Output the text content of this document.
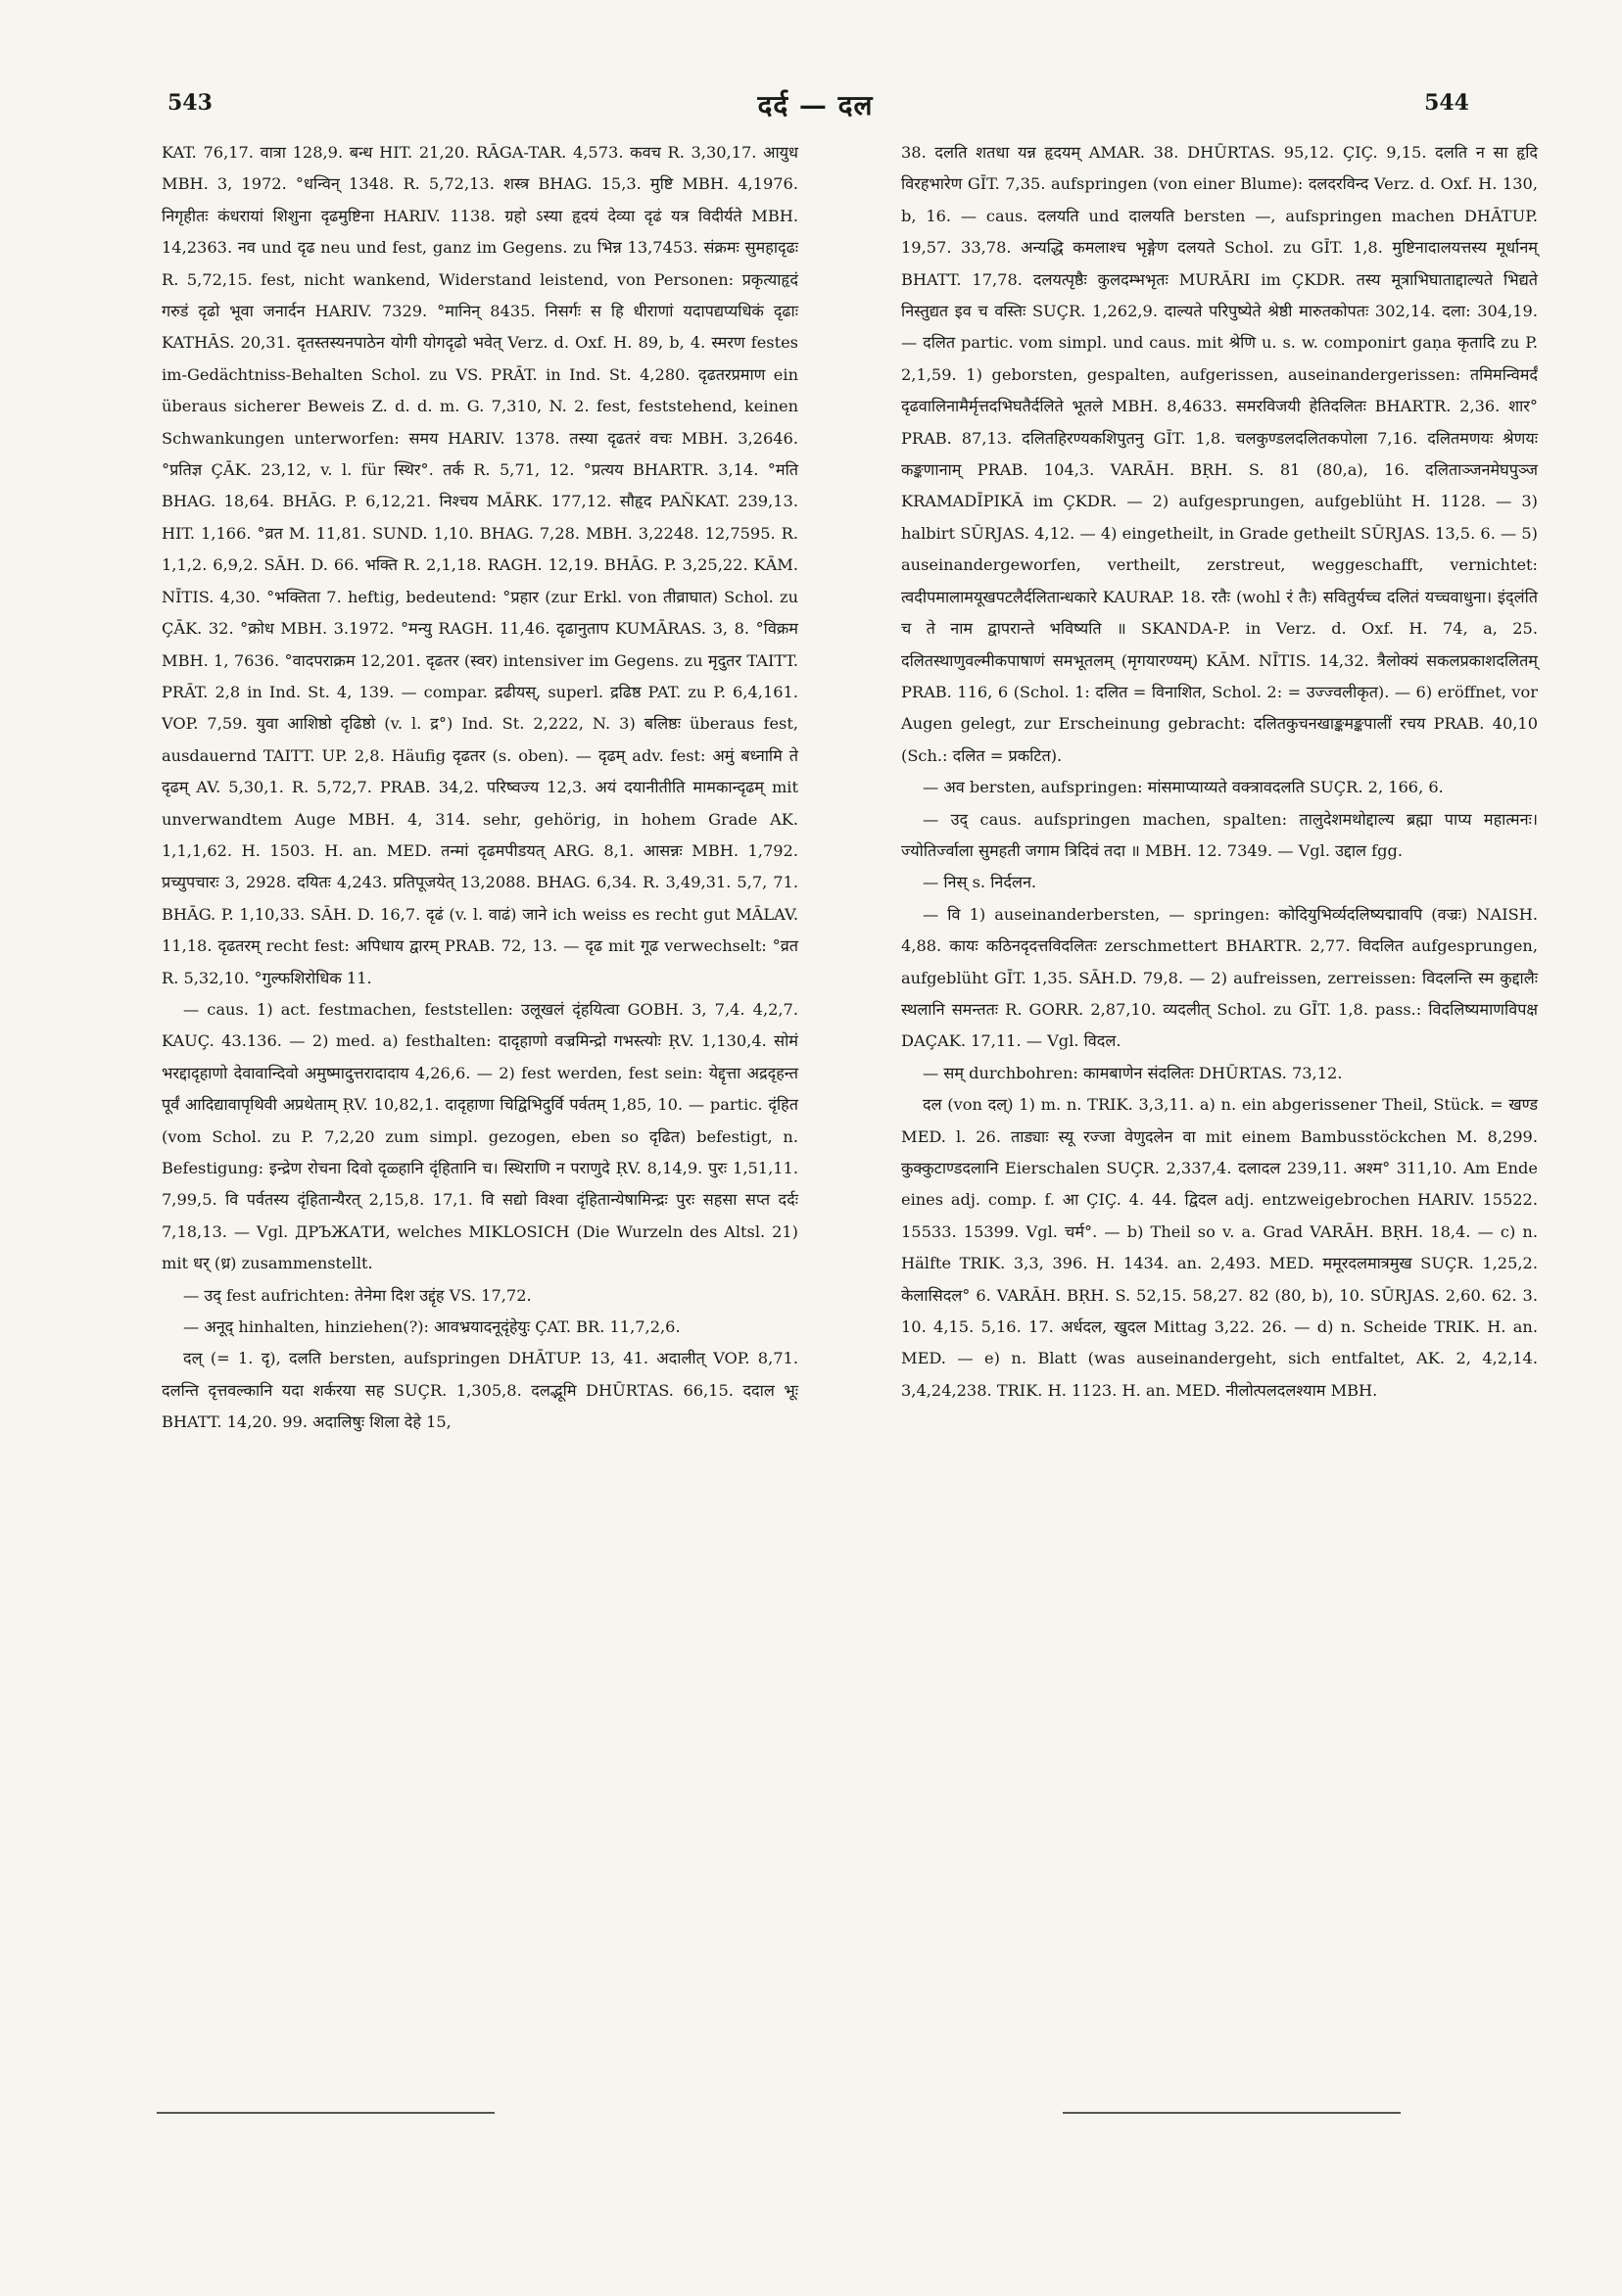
543	दर्द — दल	544

KAT. 76,17. वात्रा 128,9. बन्ध HIT. 21,20. RĀGA-TAR. 4,573. कवच R. 3,30,17. आयुध MBH. 3, 1972. °धन्विन् 1348. R. 5,72,13. शस्त्र BHAG. 15,3. मुष्टि MBH. 4,1976. निगृहीतः कंधरायां शिशुना दृढमुष्टिना HARIV. 1138. ग्रहो ऽस्या हृदयं देव्या दृढं यत्र विदीर्यते MBH. 14,2363. नव und दृढ neu und fest, ganz im Gegens. zu भिन्न 13,7453. संक्रमः सुमहादृढः R. 5,72,15. fest, nicht wankend, Widerstand leistend, von Personen: प्रकृत्याहृदं गरुडं दृढो भूवा जनार्दन HARIV. 7329. °मानिन् 8435. निसर्गः स हि धीराणां यदापद्यप्यधिकं दृढाः KATHĀS. 20,31. दृतस्तस्यनपाठेन योगी योगदृढो भवेत् Verz. d. Oxf. H. 89, b, 4. स्मरण festes im-Gedächtniss-Behalten Schol. zu VS. PRĀT. in Ind. St. 4,280. दृढतरप्रमाण ein überaus sicherer Beweis Z. d. d. m. G. 7,310, N. 2. fest, feststehend, keinen Schwankungen unterworfen: समय HARIV. 1378. तस्या दृढतरं वचः MBH. 3,2646. °प्रतिज्ञ ÇĀK. 23,12, v. l. für स्थिर°. तर्क R. 5,71, 12. °प्रत्यय BHARTR. 3,14. °मति BHAG. 18,64. BHĀG. P. 6,12,21. निश्चय MĀRK. 177,12. सौहृद PAÑKAT. 239,13. HIT. 1,166. °व्रत M. 11,81. SUND. 1,10. BHAG. 7,28. MBH. 3,2248. 12,7595. R. 1,1,2. 6,9,2. SĀH. D. 66. भक्ति R. 2,1,18. RAGH. 12,19. BHĀG. P. 3,25,22. KĀM. NĪTIS. 4,30. °भक्तिता 7. heftig, bedeutend: °प्रहार (zur Erkl. von तीव्राघात) Schol. zu ÇĀK. 32. °क्रोध MBH. 3.1972. °मन्यु RAGH. 11,46. दृढानुताप KUMĀRAS. 3, 8. °विक्रम MBH. 1, 7636. °वादपराक्रम 12,201. दृढतर (स्वर) intensiver im Gegens. zu मृदुतर TAITT. PRĀT. 2,8 in Ind. St. 4, 139. — compar. द्रढीयस्, superl. द्रढिष्ठ PAT. zu P. 6,4,161. VOP. 7,59. युवा आशिष्ठो दृढिष्ठो (v. l. द्र°) Ind. St. 2,222, N. 3) बलिष्ठः überaus fest, ausdauernd TAITT. UP. 2,8. Häufig दृढतर (s. oben). — दृढम् adv. fest: अमुं बध्नामि ते दृढम् AV. 5,30,1. R. 5,72,7. PRAB. 34,2. परिष्वज्य 12,3. अयं दयानीतीति मामकान्दृढम् mit unverwandtem Auge MBH. 4, 314. sehr, gehörig, in hohem Grade AK. 1,1,1,62. H. 1503. H. an. MED. तन्मां दृढमपीडयत् ARG. 8,1. आसन्नः MBH. 1,792. प्रच्युपचारः 3, 2928. दयितः 4,243. प्रतिपूजयेत् 13,2088. BHAG. 6,34. R. 3,49,31. 5,7, 71. BHĀG. P. 1,10,33. SĀH. D. 16,7. दृढं (v. l. वाढं) जाने ich weiss es recht gut MĀLAV. 11,18. दृढतरम् recht fest: अपिधाय द्वारम् PRAB. 72, 13. — दृढ mit गूढ verwechselt: °व्रत R. 5,32,10. °गुल्फशिरोधिक 11.

— caus. 1) act. festmachen, feststellen: उलूखलं दृंहयित्वा GOBH. 3, 7,4. 4,2,7. KAUÇ. 43.136. — 2) med. a) festhalten: दादृहाणो वज्रमिन्द्रो गभस्त्योः ṚV. 1,130,4. सोमं भरद्दादृहाणो देवावान्दिवो अमुष्मादुत्तरादादाय 4,26,6. — 2) fest werden, fest sein: येद्दृत्ता अद्रदृहन्त पूर्वं आदिद्यावापृथिवी अप्रथेताम् ṚV. 10,82,1. दादृहाणा चिद्विभिदुर्वि पर्वतम् 1,85, 10. — partic. दृंहित (vom Schol. zu P. 7,2,20 zum simpl. gezogen, eben so दृढित) befestigt, n. Befestigung: इन्द्रेण रोचना दिवो दृळ्हानि दृंहितानि च। स्थिराणि न पराणुदे ṚV. 8,14,9. पुरः 1,51,11. 7,99,5. वि पर्वतस्य दृंहितान्यैरत् 2,15,8. 17,1. वि सद्यो विश्वा दृंहितान्येषामिन्द्रः पुरः सहसा सप्त दर्दः 7,18,13. — Vgl. ДРЪЖАТИ, welches MIKLOSICH (Die Wurzeln des Altsl. 21) mit धर् (ध्र) zusammenstellt.

— उद् fest aufrichten: तेनेमा दिश उद्दृंह VS. 17,72.

— अनूद् hinhalten, hinziehen(?): आवभ्रयादनूदृंहेयुः ÇAT. BR. 11,7,2,6.

दल् (= 1. दृ), दलति bersten, aufspringen DHĀTUP. 13, 41. अदालीत् VOP. 8,71. दलन्ति दृत्तवल्कानि यदा शर्करया सह SUÇR. 1,305,8. दलद्भूमि DHŪRTAS. 66,15. ददाल भूः BHATT. 14,20. 99. अदालिषुः शिला देहे 15,

38. दलति शतधा यन्न हृदयम् AMAR. 38. DHŪRTAS. 95,12. ÇIÇ. 9,15. दलति न सा हृदि विरहभारेण GĪT. 7,35. aufspringen (von einer Blume): दलदरविन्द Verz. d. Oxf. H. 130, b, 16. — caus. दलयति und दालयति bersten —, aufspringen machen DHĀTUP. 19,57. 33,78. अन्यद्धि कमलाश्च भृङ्गेण दलयते Schol. zu GĪT. 1,8. मुष्टिनादालयत्तस्य मूर्धानम् BHATT. 17,78. दलयत्पृष्ठैः कुलदम्भभृतः MURĀRI im ÇKDR. तस्य मूत्राभिघाताद्दाल्यते भिद्यते निस्तुद्यत इव च वस्तिः SUÇR. 1,262,9. दाल्यते परिपुष्येते श्रेष्ठी मारुतकोपतः 302,14. दला: 304,19. — दलित partic. vom simpl. und caus. mit श्रेणि u. s. w. componirt gaṇa कृतादि zu P. 2,1,59. 1) geborsten, gespalten, aufgerissen, auseinandergerissen: तमिमन्विमर्दं दृढवालिनामैर्मृत्तदभिघतैर्दलिते भूतले MBH. 8,4633. समरविजयी हेतिदलितः BHARTR. 2,36. शार° PRAB. 87,13. दलितहिरण्यकशिपुतनु GĪT. 1,8. चलकुण्डलदलितकपोला 7,16. दलितमणयः श्रेणयः कङ्कणानाम् PRAB. 104,3. VARĀH. BṚH. S. 81 (80,a), 16. दलिताञ्जनमेघपुञ्ज KRAMADĪPIKĀ im ÇKDR. — 2) aufgesprungen, aufgeblüht H. 1128. — 3) halbirt SŪRJAS. 4,12. — 4) eingetheilt, in Grade getheilt SŪRJAS. 13,5. 6. — 5) auseinandergeworfen, vertheilt, zerstreut, weggeschafft, vernichtet: त्वदीपमालामयूखपटलैर्दलितान्धकारे KAURAP. 18. रतैः (wohl रं तैः) सवितुर्यच्च दलितं यच्चवाधुना। इंद्लंति च ते नाम द्वापरान्ते भविष्यति ॥ SKANDA-P. in Verz. d. Oxf. H. 74, a, 25. दलितस्थाणुवल्मीकपाषाणं समभूतलम् (मृगयारण्यम्) KĀM. NĪTIS. 14,32. त्रैलोक्यं सकलप्रकाशदलितम् PRAB. 116, 6 (Schol. 1: दलित = विनाशित, Schol. 2: = उज्ज्वलीकृत). — 6) eröffnet, vor Augen gelegt, zur Erscheinung gebracht: दलितकुचनखाङ्कमङ्कपालीं रचय PRAB. 40,10 (Sch.: दलित = प्रकटित).

— अव bersten, aufspringen: मांसमाप्याय्यते वक्त्रावदलति SUÇR. 2, 166, 6.

— उद् caus. aufspringen machen, spalten: तालुदेशमथोद्दाल्य ब्रह्मा पाप्य महात्मनः। ज्योतिर्ज्वाला सुमहती जगाम त्रिदिवं तदा ॥ MBH. 12. 7349. — Vgl. उद्दाल fgg.

— निस् s. निर्दलन.

— वि 1) auseinanderbersten, — springen: कोदियुभिर्व्यदलिष्यद्मावपि (वज्रः) NAISH. 4,88. कायः कठिनदृदत्तविदलितः zerschmettert BHARTR. 2,77. विदलित aufgesprungen, aufgeblüht GĪT. 1,35. SĀH.D. 79,8. — 2) aufreissen, zerreissen: विदलन्ति स्म कुद्दालैः स्थलानि समन्ततः R. GORR. 2,87,10. व्यदलीत् Schol. zu GĪT. 1,8. pass.: विदलिष्यमाणविपक्ष DAÇAK. 17,11. — Vgl. विदल.

— सम् durchbohren: कामबाणेन संदलितः DHŪRTAS. 73,12.

दल (von दल्) 1) m. n. TRIK. 3,3,11. a) n. ein abgerissener Theil, Stück. = खण्ड MED. l. 26. ताड्याः स्यू रज्जा वेणुदलेन वा mit einem Bambusstöckchen M. 8,299. कुक्कुटाण्डदलानि Eierschalen SUÇR. 2,337,4. दलादल 239,11. अश्म° 311,10. Am Ende eines adj. comp. f. आ ÇIÇ. 4. 44. द्विदल adj. entzweigebrochen HARIV. 15522. 15533. 15399. Vgl. चर्म°. — b) Theil so v. a. Grad VARĀH. BṚH. 18,4. — c) n. Hälfte TRIK. 3,3, 396. H. 1434. an. 2,493. MED. ममूरदलमात्रमुख SUÇR. 1,25,2. केलासिदल° 6. VARĀH. BṚH. S. 52,15. 58,27. 82 (80, b), 10. SŪRJAS. 2,60. 62. 3. 10. 4,15. 5,16. 17. अर्धदल, खुदल Mittag 3,22. 26. — d) n. Scheide TRIK. H. an. MED. — e) n. Blatt (was auseinandergeht, sich entfaltet, AK. 2, 4,2,14. 3,4,24,238. TRIK. H. 1123. H. an. MED. नीलोत्पलदलश्याम MBH.
